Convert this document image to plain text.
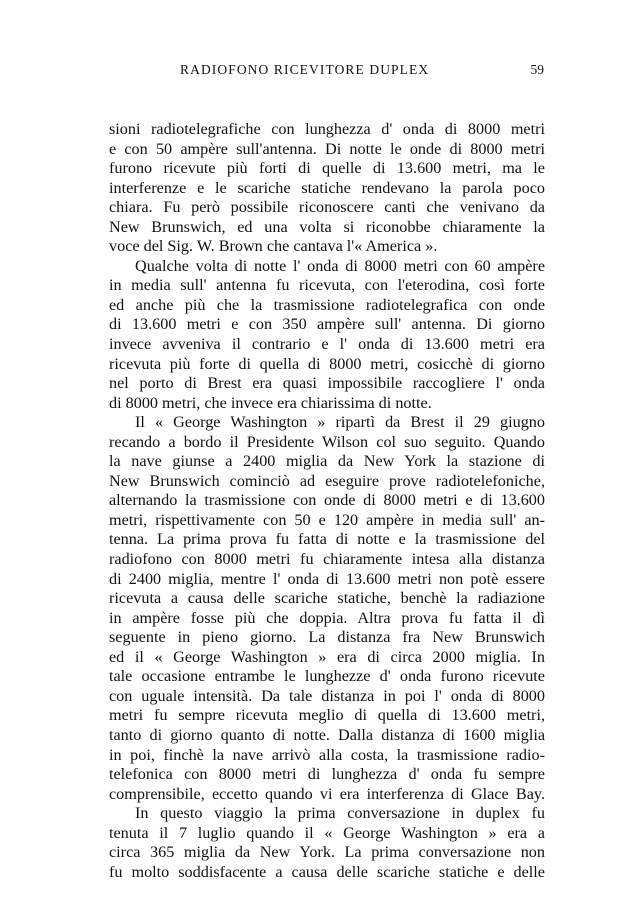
RADIOFONO RICEVITORE DUPLEX	59
sioni radiotelegrafiche con lunghezza d' onda di 8000 metri
e con 50 ampère sull'antenna. Di notte le onde di 8000 metri
furono ricevute più forti di quelle di 13.600 metri, ma le
interferenze e le scariche statiche rendevano la parola poco
chiara. Fu però possibile riconoscere canti che venivano da
New Brunswich, ed una volta si riconobbe chiaramente la
voce del Sig. W. Brown che cantava l'« America ».
Qualche volta di notte l' onda di 8000 metri con 60 ampère
in media sull' antenna fu ricevuta, con l'eterodina, così forte
ed anche più che la trasmissione radiotelegrafica con onde
di 13.600 metri e con 350 ampère sull' antenna. Di giorno
invece avveniva il contrario e l' onda di 13.600 metri era
ricevuta più forte di quella di 8000 metri, cosicchè di giorno
nel porto di Brest era quasi impossibile raccogliere l' onda
di 8000 metri, che invece era chiarissima di notte.
Il « George Washington » ripartì da Brest il 29 giugno
recando a bordo il Presidente Wilson col suo seguito. Quando
la nave giunse a 2400 miglia da New York la stazione di
New Brunswich cominciò ad eseguire prove radiotelefoniche,
alternando la trasmissione con onde di 8000 metri e di 13.600
metri, rispettivamente con 50 e 120 ampère in media sull' an-
tenna. La prima prova fu fatta di notte e la trasmissione del
radiofono con 8000 metri fu chiaramente intesa alla distanza
di 2400 miglia, mentre l' onda di 13.600 metri non potè essere
ricevuta a causa delle scariche statiche, benchè la radiazione
in ampère fosse più che doppia. Altra prova fu fatta il dì
seguente in pieno giorno. La distanza fra New Brunswich
ed il « George Washington » era di circa 2000 miglia. In
tale occasione entrambe le lunghezze d' onda furono ricevute
con uguale intensità. Da tale distanza in poi l' onda di 8000
metri fu sempre ricevuta meglio di quella di 13.600 metri,
tanto di giorno quanto di notte. Dalla distanza di 1600 miglia
in poi, finchè la nave arrivò alla costa, la trasmissione radio-
telefonica con 8000 metri di lunghezza d' onda fu sempre
comprensibile, eccetto quando vi era interferenza di Glace Bay.
In questo viaggio la prima conversazione in duplex fu
tenuta il 7 luglio quando il « George Washington » era a
circa 365 miglia da New York. La prima conversazione non
fu molto soddisfacente a causa delle scariche statiche e delle
